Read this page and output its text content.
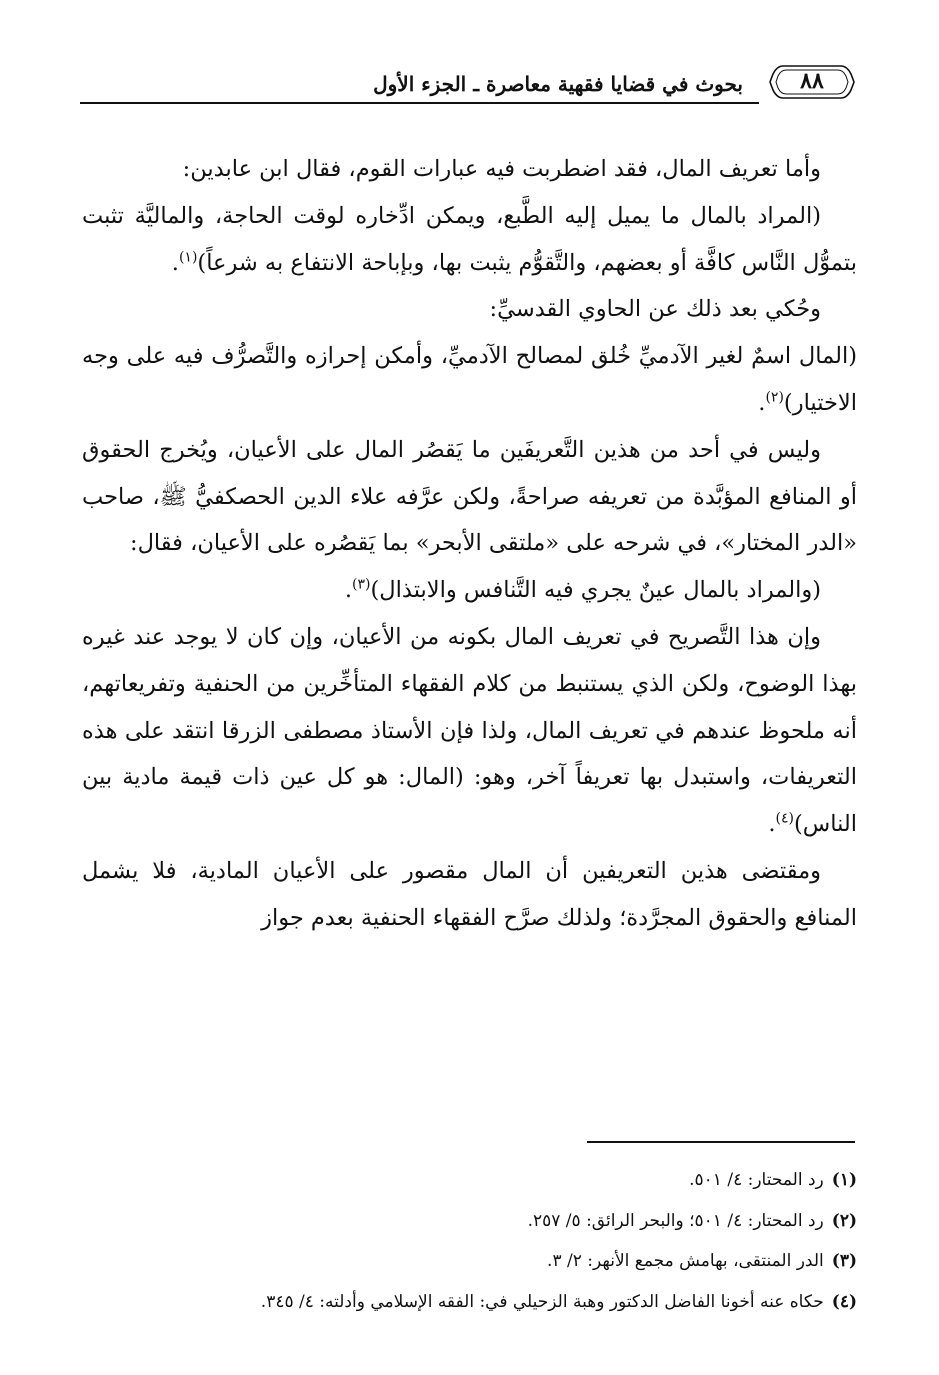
٨٨
بحوث في قضايا فقهية معاصرة ـ الجزء الأول

وأما تعريف المال، فقد اضطربت فيه عبارات القوم، فقال ابن عابدين:

(المراد بالمال ما يميل إليه الطَّبع، ويمكن ادِّخاره لوقت الحاجة، والماليَّة تثبت بتموُّل النَّاس كافَّة أو بعضهم، والتَّقوُّم يثبت بها، وبإباحة الانتفاع به شرعاً)$^{(١)}$.

وحُكي بعد ذلك عن الحاوي القدسيِّ:

(المال اسمٌ لغير الآدميِّ خُلق لمصالح الآدميِّ، وأمكن إحرازه والتَّصرُّف فيه على وجه الاختيار)$^{(٢)}$.

وليس في أحد من هذين التَّعريفَين ما يَقصُر المال على الأعيان، ويُخرج الحقوق أو المنافع المؤبَّدة من تعريفه صراحةً، ولكن عرَّفه علاء الدين الحصكفيُّ ﷺ، صاحب «الدر المختار»، في شرحه على «ملتقى الأبحر» بما يَقصُره على الأعيان، فقال:

(والمراد بالمال عينٌ يجري فيه التَّنافس والابتذال)$^{(٣)}$.

وإن هذا التَّصريح في تعريف المال بكونه من الأعيان، وإن كان لا يوجد عند غيره بهذا الوضوح، ولكن الذي يستنبط من كلام الفقهاء المتأخِّرين من الحنفية وتفريعاتهم، أنه ملحوظ عندهم في تعريف المال، ولذا فإن الأستاذ مصطفى الزرقا انتقد على هذه التعريفات، واستبدل بها تعريفاً آخر، وهو: (المال: هو كل عين ذات قيمة مادية بين الناس)$^{(٤)}$.

ومقتضى هذين التعريفين أن المال مقصور على الأعيان المادية، فلا يشمل المنافع والحقوق المجرَّدة؛ ولذلك صرَّح الفقهاء الحنفية بعدم جواز

(١)رد المحتار: ٤/ ٥٠١.

(٢)رد المحتار: ٤/ ٥٠١؛ والبحر الرائق: ٥/ ٢٥٧.

(٣)الدر المنتقى، بهامش مجمع الأنهر: ٢/ ٣.

(٤)حكاه عنه أخونا الفاضل الدكتور وهبة الزحيلي في: الفقه الإسلامي وأدلته: ٤/ ٣٤٥.
